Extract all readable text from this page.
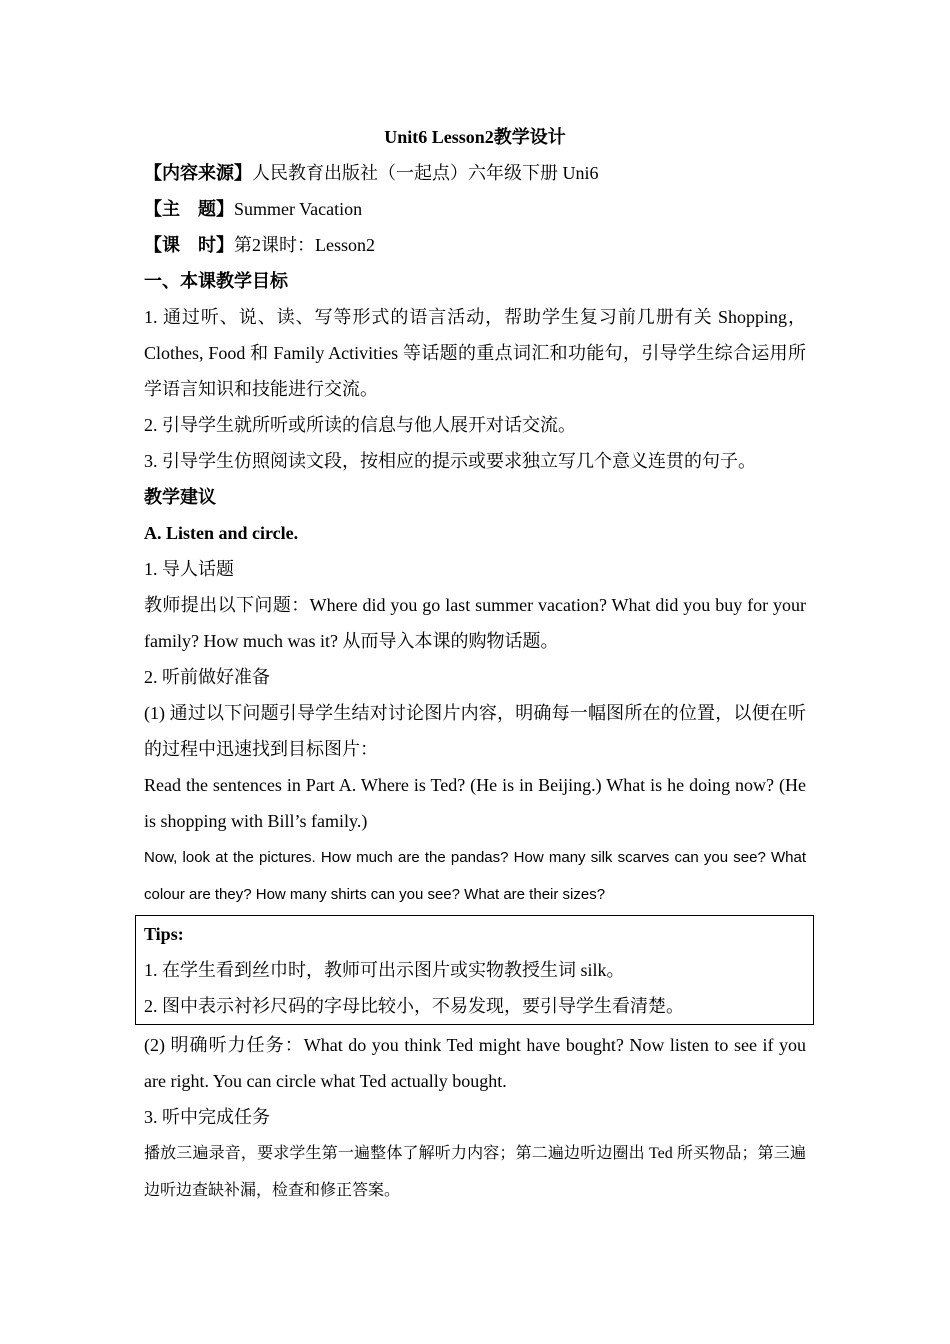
Unit6 Lesson2教学设计

【内容来源】人民教育出版社（一起点）六年级下册 Uni6

【主　题】Summer Vacation

【课　时】第2课时：Lesson2

一、本课教学目标

1. 通过听、说、读、写等形式的语言活动，帮助学生复习前几册有关 Shopping， Clothes, Food 和 Family Activities 等话题的重点词汇和功能句，引导学生综合运用所学语言知识和技能进行交流。

2. 引导学生就所听或所读的信息与他人展开对话交流。

3. 引导学生仿照阅读文段，按相应的提示或要求独立写几个意义连贯的句子。

教学建议

A. Listen and circle.

1. 导人话题

教师提出以下问题：Where did you go last summer vacation? What did you buy for your family? How much was it? 从而导入本课的购物话题。

2. 听前做好准备

(1) 通过以下问题引导学生结对讨论图片内容，明确每一幅图所在的位置，以便在听的过程中迅速找到目标图片：

Read the sentences in Part A. Where is Ted? (He is in Beijing.) What is he doing now? (He is shopping with Bill’s family.)

Now, look at the pictures. How much are the pandas? How many silk scarves can you see? What colour are they? How many shirts can you see? What are their sizes?

Tips:

1. 在学生看到丝巾时，教师可出示图片或实物教授生词 silk。

2. 图中表示衬衫尺码的字母比较小，不易发现，要引导学生看清楚。

(2) 明确听力任务：What do you think Ted might have bought? Now listen to see if you are right. You can circle what Ted actually bought.

3. 听中完成任务

播放三遍录音，要求学生第一遍整体了解听力内容；第二遍边听边圈出 Ted 所买物品；第三遍边听边查缺补漏，检查和修正答案。
